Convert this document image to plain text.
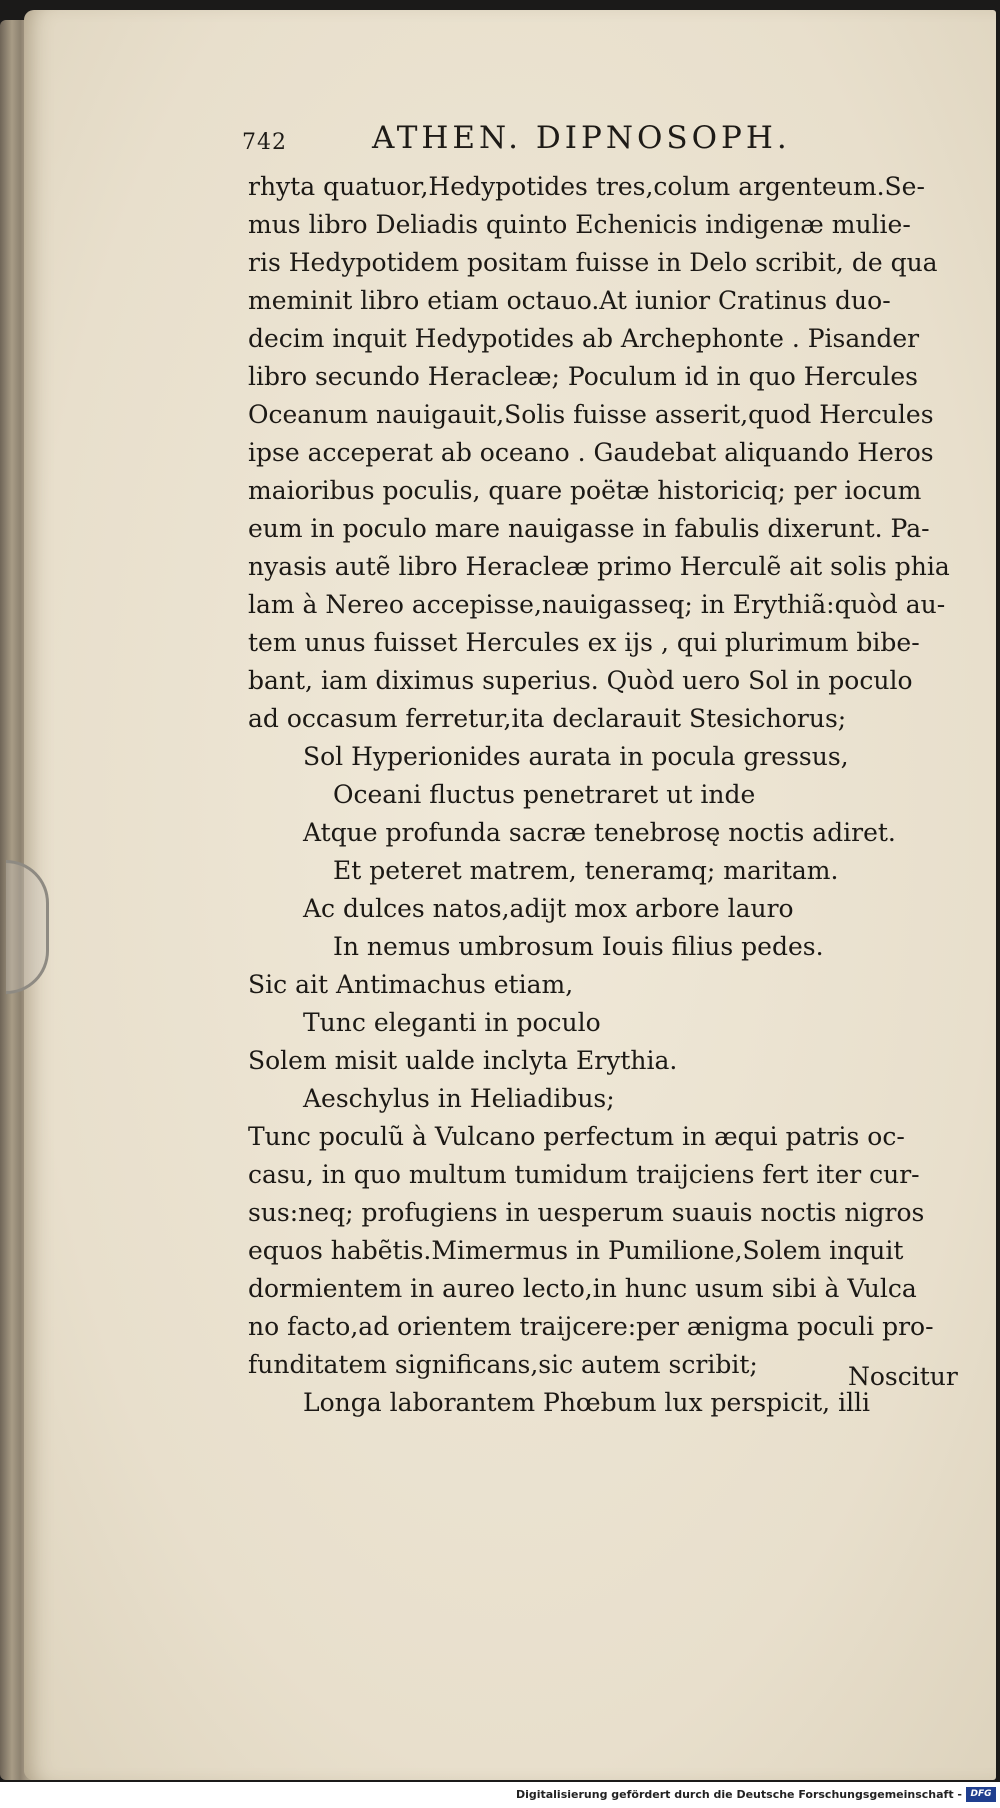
742	ATHEN. DIPNOSOPH.
rhyta quatuor,Hedypotides tres,colum argenteum.Se-
mus libro Deliadis quinto Echenicis indigenæ mulie-
ris Hedypotidem positam fuisse in Delo scribit, de qua
meminit libro etiam octauo.At iunior Cratinus duo-
decim inquit Hedypotides ab Archephonte . Pisander
libro secundo Heracleæ; Poculum id in quo Hercules
Oceanum nauigauit,Solis fuisse asserit,quod Hercules
ipse acceperat ab oceano . Gaudebat aliquando Heros
maioribus poculis, quare poëtæ historiciq; per iocum
eum in poculo mare nauigasse in fabulis dixerunt. Pa-
nyasis autẽ libro Heracleæ primo Herculẽ ait solis phia
lam à Nereo accepisse,nauigasseq; in Erythiã:quòd au-
tem unus fuisset Hercules ex ijs , qui plurimum bibe-
bant, iam diximus superius. Quòd uero Sol in poculo
ad occasum ferretur,ita declarauit Stesichorus;
Sol Hyperionides aurata in pocula gressus,
Oceani fluctus penetraret ut inde
Atque profunda sacræ tenebrosę noctis adiret.
Et peteret matrem, teneramq; maritam.
Ac dulces natos,adijt mox arbore lauro
In nemus umbrosum Iouis filius pedes.
Sic ait Antimachus etiam,
Tunc eleganti in poculo
Solem misit ualde inclyta Erythia.
Aeschylus in Heliadibus;
Tunc poculũ à Vulcano perfectum in æqui patris oc-
casu, in quo multum tumidum traijciens fert iter cur-
sus:neq; profugiens in uesperum suauis noctis nigros
equos habẽtis.Mimermus in Pumilione,Solem inquit
dormientem in aureo lecto,in hunc usum sibi à Vulca
no facto,ad orientem traijcere:per ænigma poculi pro-
funditatem significans,sic autem scribit;
Longa laborantem Phœbum lux perspicit, illi
Noscitur
Digitalisierung gefördert durch die Deutsche Forschungsgemeinschaft - DFG
